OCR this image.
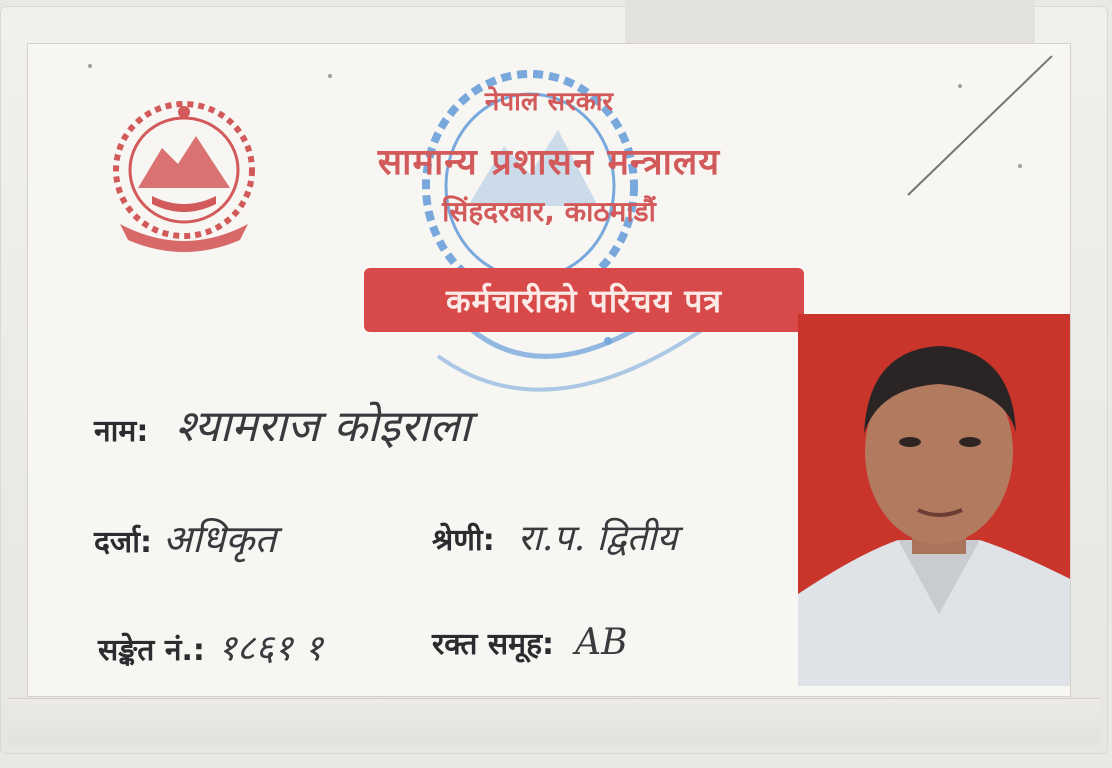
नेपाल सरकार
सामान्य प्रशासन मन्त्रालय
सिंहदरबार, काठमाडौं
कर्मचारीको परिचय पत्र
नाम: श्यामराज कोइराला
दर्जा: अधिकृत	श्रेणी: रा.प. द्वितीय
सङ्केत नं.: १८६१ १	रक्त समूह: AB
